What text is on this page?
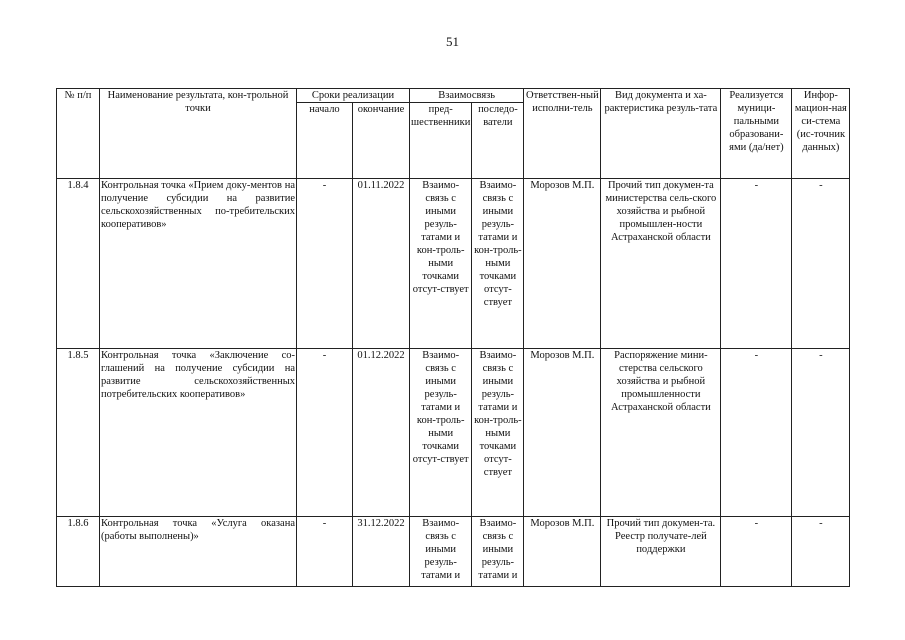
51
№ п/п	Наименование результата, кон-трольной точки	Сроки реализации		Взаимосвязь		Ответствен-ный исполни-тель	Вид документа и ха-рактеристика резуль-тата	Реализуется муници-пальными образовани-ями (да/нет)	Инфор-мацион-ная си-стема (ис-точник данных)
		начало	окончание	пред-шественники	последо-ватели				
1.8.4	Контрольная точка «Прием доку-ментов на получение субсидии на развитие сельскохозяйственных по-требительских кооперативов»	-	01.11.2022	Взаимо-связь с иными резуль-татами и кон-троль-ными точками отсут-ствует	Взаимо-связь с иными резуль-татами и кон-троль-ными точками отсут-ствует	Морозов М.П.	Прочий тип докумен-та министерства сель-ского хозяйства и рыбной промышлен-ности Астраханской области	-	-
1.8.5	Контрольная точка «Заключение со-глашений на получение субсидии на развитие сельскохозяйственных потребительских кооперативов»	-	01.12.2022	Взаимо-связь с иными резуль-татами и кон-троль-ными точками отсут-ствует	Взаимо-связь с иными резуль-татами и кон-троль-ными точками отсут-ствует	Морозов М.П.	Распоряжение мини-стерства сельского хозяйства и рыбной промышленности Астраханской области	-	-
1.8.6	Контрольная точка «Услуга оказана (работы выполнены)»	-	31.12.2022	Взаимо-связь с иными резуль-татами и	Взаимо-связь с иными резуль-татами и	Морозов М.П.	Прочий тип докумен-та. Реестр получате-лей поддержки	-	-
